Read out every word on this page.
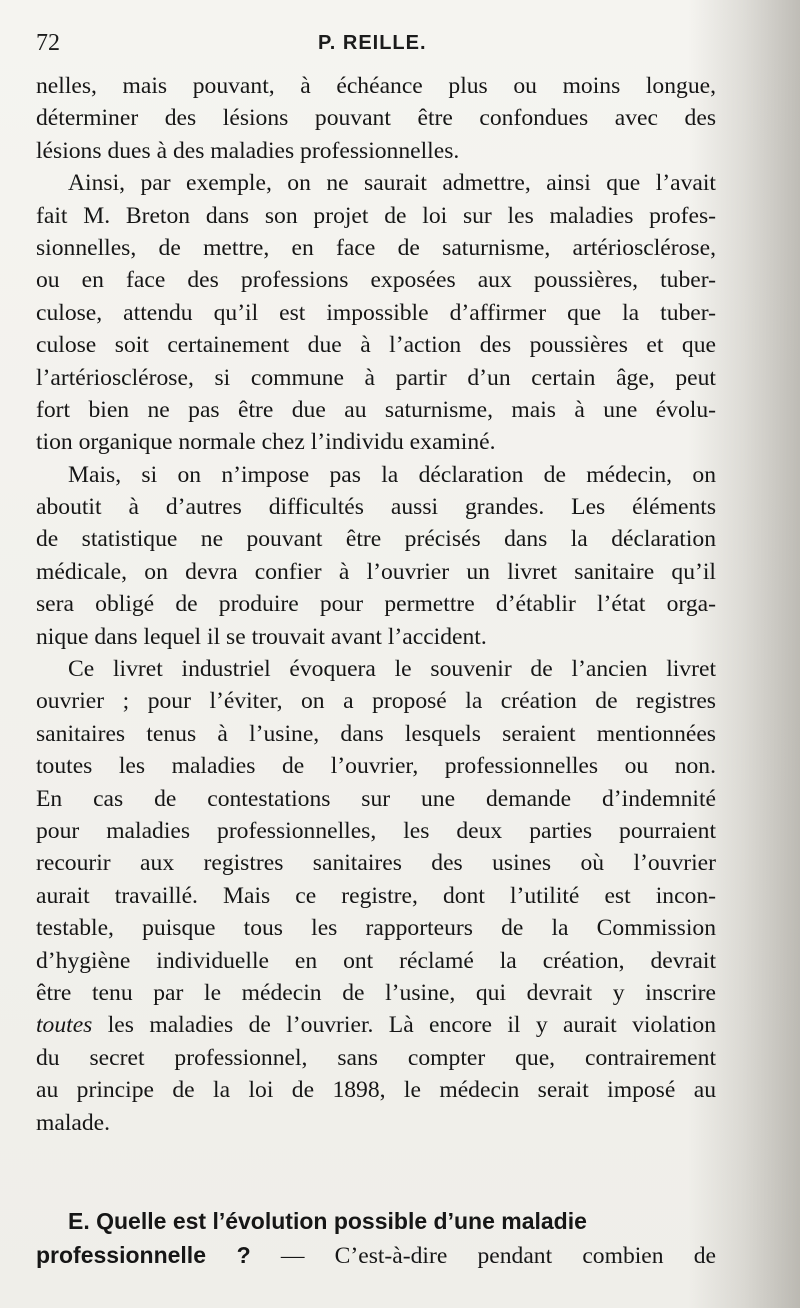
72	P. REILLE.
nelles, mais pouvant, à échéance plus ou moins longue,
déterminer des lésions pouvant être confondues avec des
lésions dues à des maladies professionnelles.
Ainsi, par exemple, on ne saurait admettre, ainsi que l’avait
fait M. Breton dans son projet de loi sur les maladies profes-
sionnelles, de mettre, en face de saturnisme, artériosclérose,
ou en face des professions exposées aux poussières, tuber-
culose, attendu qu’il est impossible d’affirmer que la tuber-
culose soit certainement due à l’action des poussières et que
l’artériosclérose, si commune à partir d’un certain âge, peut
fort bien ne pas être due au saturnisme, mais à une évolu-
tion organique normale chez l’individu examiné.
Mais, si on n’impose pas la déclaration de médecin, on
aboutit à d’autres difficultés aussi grandes. Les éléments
de statistique ne pouvant être précisés dans la déclaration
médicale, on devra confier à l’ouvrier un livret sanitaire qu’il
sera obligé de produire pour permettre d’établir l’état orga-
nique dans lequel il se trouvait avant l’accident.
Ce livret industriel évoquera le souvenir de l’ancien livret
ouvrier ; pour l’éviter, on a proposé la création de registres
sanitaires tenus à l’usine, dans lesquels seraient mentionnées
toutes les maladies de l’ouvrier, professionnelles ou non.
En cas de contestations sur une demande d’indemnité
pour maladies professionnelles, les deux parties pourraient
recourir aux registres sanitaires des usines où l’ouvrier
aurait travaillé. Mais ce registre, dont l’utilité est incon-
testable, puisque tous les rapporteurs de la Commission
d’hygiène individuelle en ont réclamé la création, devrait
être tenu par le médecin de l’usine, qui devrait y inscrire
toutes les maladies de l’ouvrier. Là encore il y aurait violation
du secret professionnel, sans compter que, contrairement
au principe de la loi de 1898, le médecin serait imposé au
malade.
E. Quelle est l’évolution possible d’une maladie
professionnelle ? — C’est-à-dire pendant combien de
